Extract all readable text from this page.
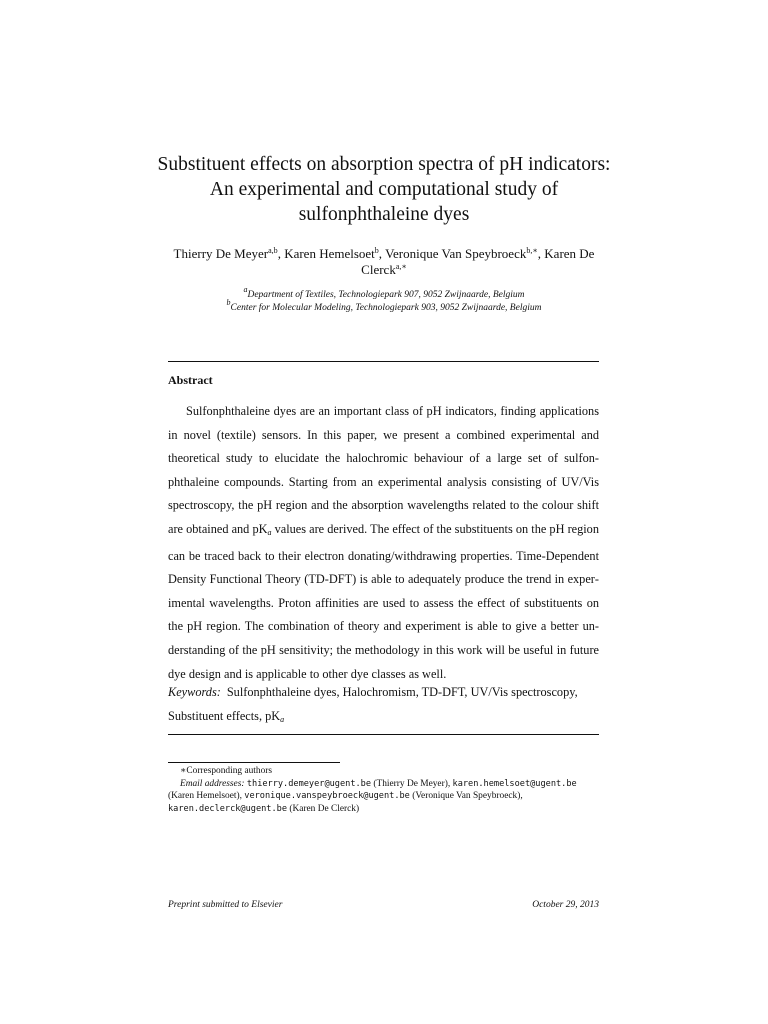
Substituent effects on absorption spectra of pH indicators:
An experimental and computational study of
sulfonphthaleine dyes
Thierry De Meyer$^{a,b}$, Karen Hemelsoet$^b$, Veronique Van Speybroeck$^{b,∗}$, Karen De Clerck$^{a,∗}$
$^a$Department of Textiles, Technologiepark 907, 9052 Zwijnaarde, Belgium
$^b$Center for Molecular Modeling, Technologiepark 903, 9052 Zwijnaarde, Belgium
Abstract
Sulfonphthaleine dyes are an important class of pH indicators, finding applications in novel (textile) sensors. In this paper, we present a combined experimental and theoretical study to elucidate the halochromic behaviour of a large set of sulfonphthaleine compounds. Starting from an experimental analysis consisting of UV/Vis spectroscopy, the pH region and the absorption wavelengths related to the colour shift are obtained and $pK_a$ values are derived. The effect of the substituents on the pH region can be traced back to their electron donating/withdrawing properties. Time-Dependent Density Functional Theory (TD-DFT) is able to adequately produce the trend in experimental wavelengths. Proton affinities are used to assess the effect of substituents on the pH region. The combination of theory and experiment is able to give a better understanding of the pH sensitivity; the methodology in this work will be useful in future dye design and is applicable to other dye classes as well.
Keywords: Sulfonphthaleine dyes, Halochromism, TD-DFT, UV/Vis spectroscopy, Substituent effects, $pK_a$
∗Corresponding authors
Email addresses: thierry.demeyer@ugent.be (Thierry De Meyer), karen.hemelsoet@ugent.be (Karen Hemelsoet), veronique.vanspeybroeck@ugent.be (Veronique Van Speybroeck), karen.declerck@ugent.be (Karen De Clerck)
Preprint submitted to Elsevier	October 29, 2013
